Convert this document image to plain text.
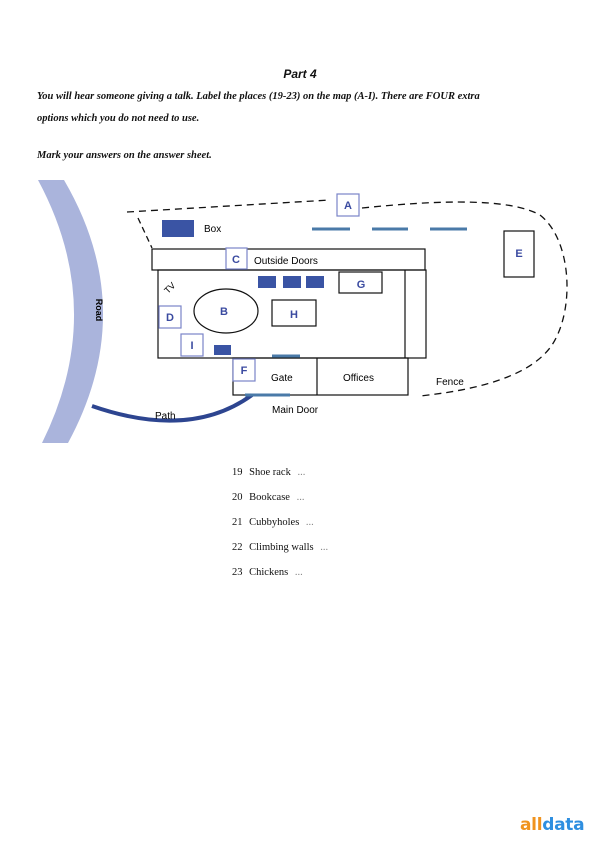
Part 4
You will hear someone giving a talk. Label the places (19-23) on the map (A-I). There are FOUR extra
options which you do not need to use.
Mark your answers on the answer sheet.
Road
Path
Fence
Box
Outside Doors
TV
Gate	Offices
Main Door
A
B
C
D
E
F
G
H
I
19 Shoe rack ...
20 Bookcase ...
21 Cubbyholes ...
22 Climbing walls ...
23 Chickens ...
alldata
